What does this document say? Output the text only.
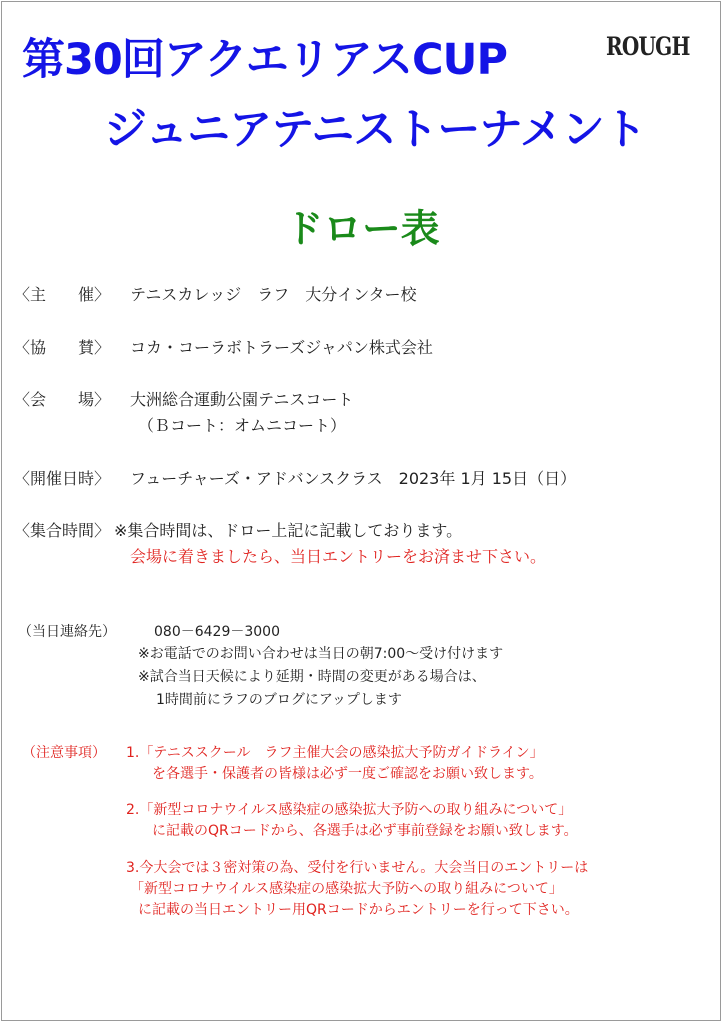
第30回アクエリアスCUP
ジュニアテニストーナメント
ROUGH
ドロー表
〈主　　催〉 テニスカレッジ　ラフ　大分インター校
〈協　　賛〉 コカ・コーラボトラーズジャパン株式会社
〈会　　場〉 大洲総合運動公園テニスコート
（Ｂコート：オムニコート）
〈開催日時〉 フューチャーズ・アドバンスクラス　2023年 1月 15日（日）
〈集合時間〉 ※集合時間は、ドロー上記に記載しております。
会場に着きましたら、当日エントリーをお済ませ下さい。
（当日連絡先）	080－6429－3000
※お電話でのお問い合わせは当日の朝7:00～受け付けます
※試合当日天候により延期・時間の変更がある場合は、
1時間前にラフのブログにアップします
（注意事項） 1.「テニススクール　ラフ主催大会の感染拡大予防ガイドライン」
を各選手・保護者の皆様は必ず一度ご確認をお願い致します。
2.「新型コロナウイルス感染症の感染拡大予防への取り組みについて」
に記載のQRコードから、各選手は必ず事前登録をお願い致します。
3.今大会では３密対策の為、受付を行いません。大会当日のエントリーは
「新型コロナウイルス感染症の感染拡大予防への取り組みについて」
に記載の当日エントリー用QRコードからエントリーを行って下さい。
